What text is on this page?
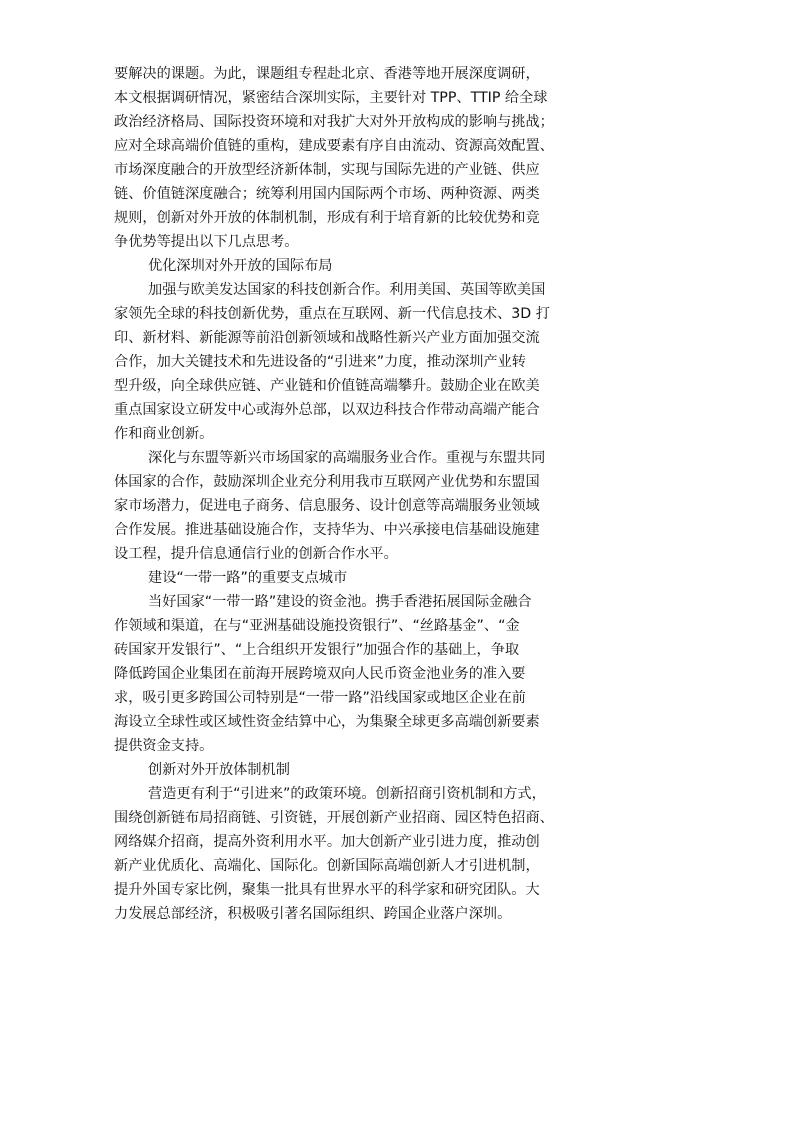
要解决的课题。为此，课题组专程赴北京、香港等地开展深度调研，
本文根据调研情况，紧密结合深圳实际，主要针对 TPP、TTIP 给全球
政治经济格局、国际投资环境和对我扩大对外开放构成的影响与挑战；
应对全球高端价值链的重构，建成要素有序自由流动、资源高效配置、
市场深度融合的开放型经济新体制，实现与国际先进的产业链、供应
链、价值链深度融合；统筹利用国内国际两个市场、两种资源、两类
规则，创新对外开放的体制机制，形成有利于培育新的比较优势和竞
争优势等提出以下几点思考。
优化深圳对外开放的国际布局
加强与欧美发达国家的科技创新合作。利用美国、英国等欧美国
家领先全球的科技创新优势，重点在互联网、新一代信息技术、3D 打
印、新材料、新能源等前沿创新领域和战略性新兴产业方面加强交流
合作，加大关键技术和先进设备的“引进来”力度，推动深圳产业转
型升级，向全球供应链、产业链和价值链高端攀升。鼓励企业在欧美
重点国家设立研发中心或海外总部，以双边科技合作带动高端产能合
作和商业创新。
深化与东盟等新兴市场国家的高端服务业合作。重视与东盟共同
体国家的合作，鼓励深圳企业充分利用我市互联网产业优势和东盟国
家市场潜力，促进电子商务、信息服务、设计创意等高端服务业领域
合作发展。推进基础设施合作，支持华为、中兴承接电信基础设施建
设工程，提升信息通信行业的创新合作水平。
建设“一带一路”的重要支点城市
当好国家“一带一路”建设的资金池。携手香港拓展国际金融合
作领域和渠道，在与“亚洲基础设施投资银行”、“丝路基金”、“金
砖国家开发银行”、“上合组织开发银行”加强合作的基础上，争取
降低跨国企业集团在前海开展跨境双向人民币资金池业务的准入要
求，吸引更多跨国公司特别是“一带一路”沿线国家或地区企业在前
海设立全球性或区域性资金结算中心，为集聚全球更多高端创新要素
提供资金支持。
创新对外开放体制机制
营造更有利于“引进来”的政策环境。创新招商引资机制和方式，
围绕创新链布局招商链、引资链，开展创新产业招商、园区特色招商、
网络媒介招商，提高外资利用水平。加大创新产业引进力度，推动创
新产业优质化、高端化、国际化。创新国际高端创新人才引进机制，
提升外国专家比例，聚集一批具有世界水平的科学家和研究团队。大
力发展总部经济，积极吸引著名国际组织、跨国企业落户深圳。
